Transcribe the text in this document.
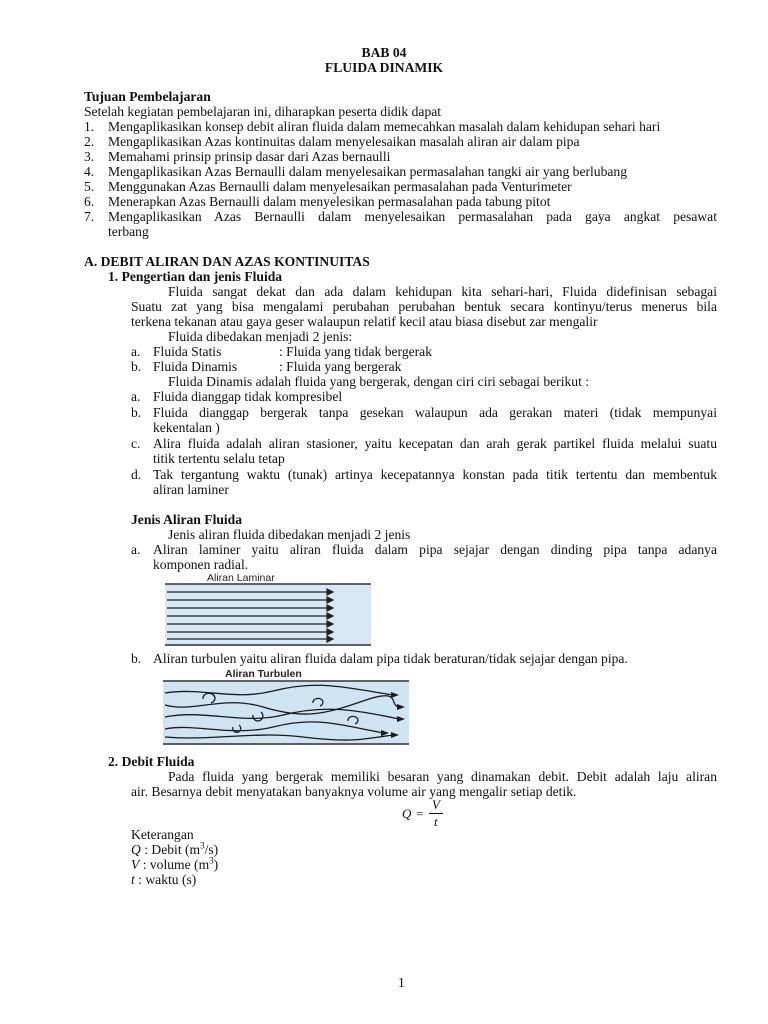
BAB 04
FLUIDA DINAMIK
Tujuan Pembelajaran
Setelah kegiatan pembelajaran ini, diharapkan peserta didik dapat
1. Mengaplikasikan konsep debit aliran fluida dalam memecahkan masalah dalam kehidupan sehari hari
2. Mengaplikasikan Azas kontinuitas dalam menyelesaikan masalah aliran air dalam pipa
3. Memahami prinsip prinsip dasar dari Azas bernaulli
4. Mengaplikasikan Azas Bernaulli dalam menyelesaikan permasalahan tangki air yang berlubang
5. Menggunakan Azas Bernaulli dalam menyelesaikan permasalahan pada Venturimeter
6. Menerapkan Azas Bernaulli dalam menyelesikan permasalahan pada tabung pitot
7. Mengaplikasikan Azas Bernaulli dalam menyelesaikan permasalahan pada gaya angkat pesawat
terbang
A. DEBIT ALIRAN DAN AZAS KONTINUITAS
1. Pengertian dan jenis Fluida
Fluida sangat dekat dan ada dalam kehidupan kita sehari-hari, Fluida didefinisan sebagai
Suatu zat yang bisa mengalami perubahan perubahan bentuk secara kontinyu/terus menerus bila
terkena tekanan atau gaya geser walaupun relatif kecil atau biasa disebut zar mengalir
Fluida dibedakan menjadi 2 jenis:
a. Fluida Statis	: Fluida yang tidak bergerak
b. Fluida Dinamis	: Fluida yang bergerak
Fluida Dinamis adalah fluida yang bergerak, dengan ciri ciri sebagai berikut :
a. Fluida dianggap tidak kompresibel
b. Fluida dianggap bergerak tanpa gesekan walaupun ada gerakan materi (tidak mempunyai
kekentalan )
c. Alira fluida adalah aliran stasioner, yaitu kecepatan dan arah gerak partikel fluida melalui suatu
titik tertentu selalu tetap
d. Tak tergantung waktu (tunak) artinya kecepatannya konstan pada titik tertentu dan membentuk
aliran laminer
Jenis Aliran Fluida
Jenis aliran fluida dibedakan menjadi 2 jenis
a. Aliran laminer yaitu aliran fluida dalam pipa sejajar dengan dinding pipa tanpa adanya
komponen radial.
Aliran Laminar
b. Aliran turbulen yaitu aliran fluida dalam pipa tidak beraturan/tidak sejajar dengan pipa.
Aliran Turbulen
2. Debit Fluida
Pada fluida yang bergerak memiliki besaran yang dinamakan debit. Debit adalah laju aliran
air. Besarnya debit menyatakan banyaknya volume air yang mengalir setiap detik.
Q =
V
t
Keterangan
Q : Debit $(m^3/s)$
V : volume $(m^3)$
t : waktu (s)
1
